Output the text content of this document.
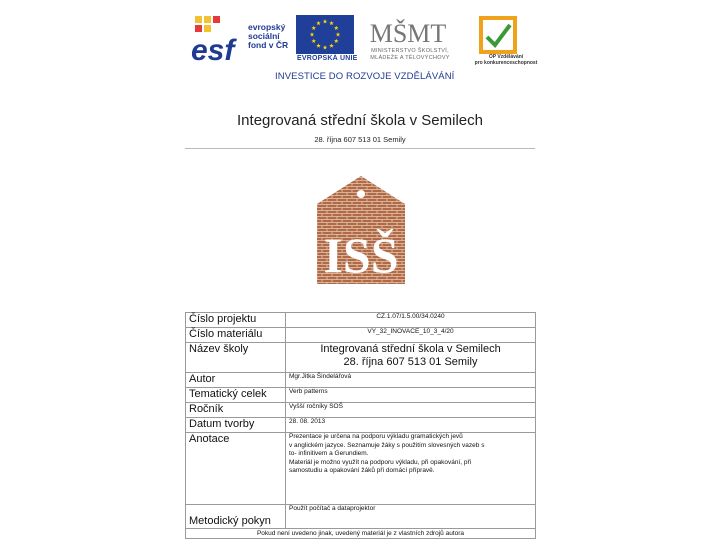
esf
evropský
sociální
fond v ČR
EVROPSKÁ UNIE
MŠMT
MINISTERSTVO ŠKOLSTVÍ,
MLÁDEŽE A TĚLOVÝCHOVY	OP Vzdělávání
pro konkurenceschopnost
INVESTICE DO ROZVOJE VZDĚLÁVÁNÍ
Integrovaná střední škola v Semilech
28. října 607 513 01 Semily
ISŠ
Číslo projektu	CZ.1.07/1.5.00/34.0240
Číslo materiálu	VY_32_INOVACE_10_3_4/20
Název školy	Integrovaná střední škola v Semilech
28. října 607 513 01 Semily

Autor	Mgr.Jitka Šindelářová
Tematický celek	Verb patterns
Ročník	Vyšší ročníky SOŠ
Datum tvorby	28. 08. 2013
Anotace	Prezentace je určena na podporu výkladu gramatických jevů
v anglickém jazyce. Seznamuje žáky s použitím slovesných vazeb s
to- infinitivem a Gerundiem.
Materiál je možno využít na podporu výkladu, při opakování, při
samostudiu a opakování žáků při domácí přípravě.

Metodický pokyn	Použít počítač a dataprojektor
Pokud není uvedeno jinak, uvedený materiál je z vlastních zdrojů autora	
